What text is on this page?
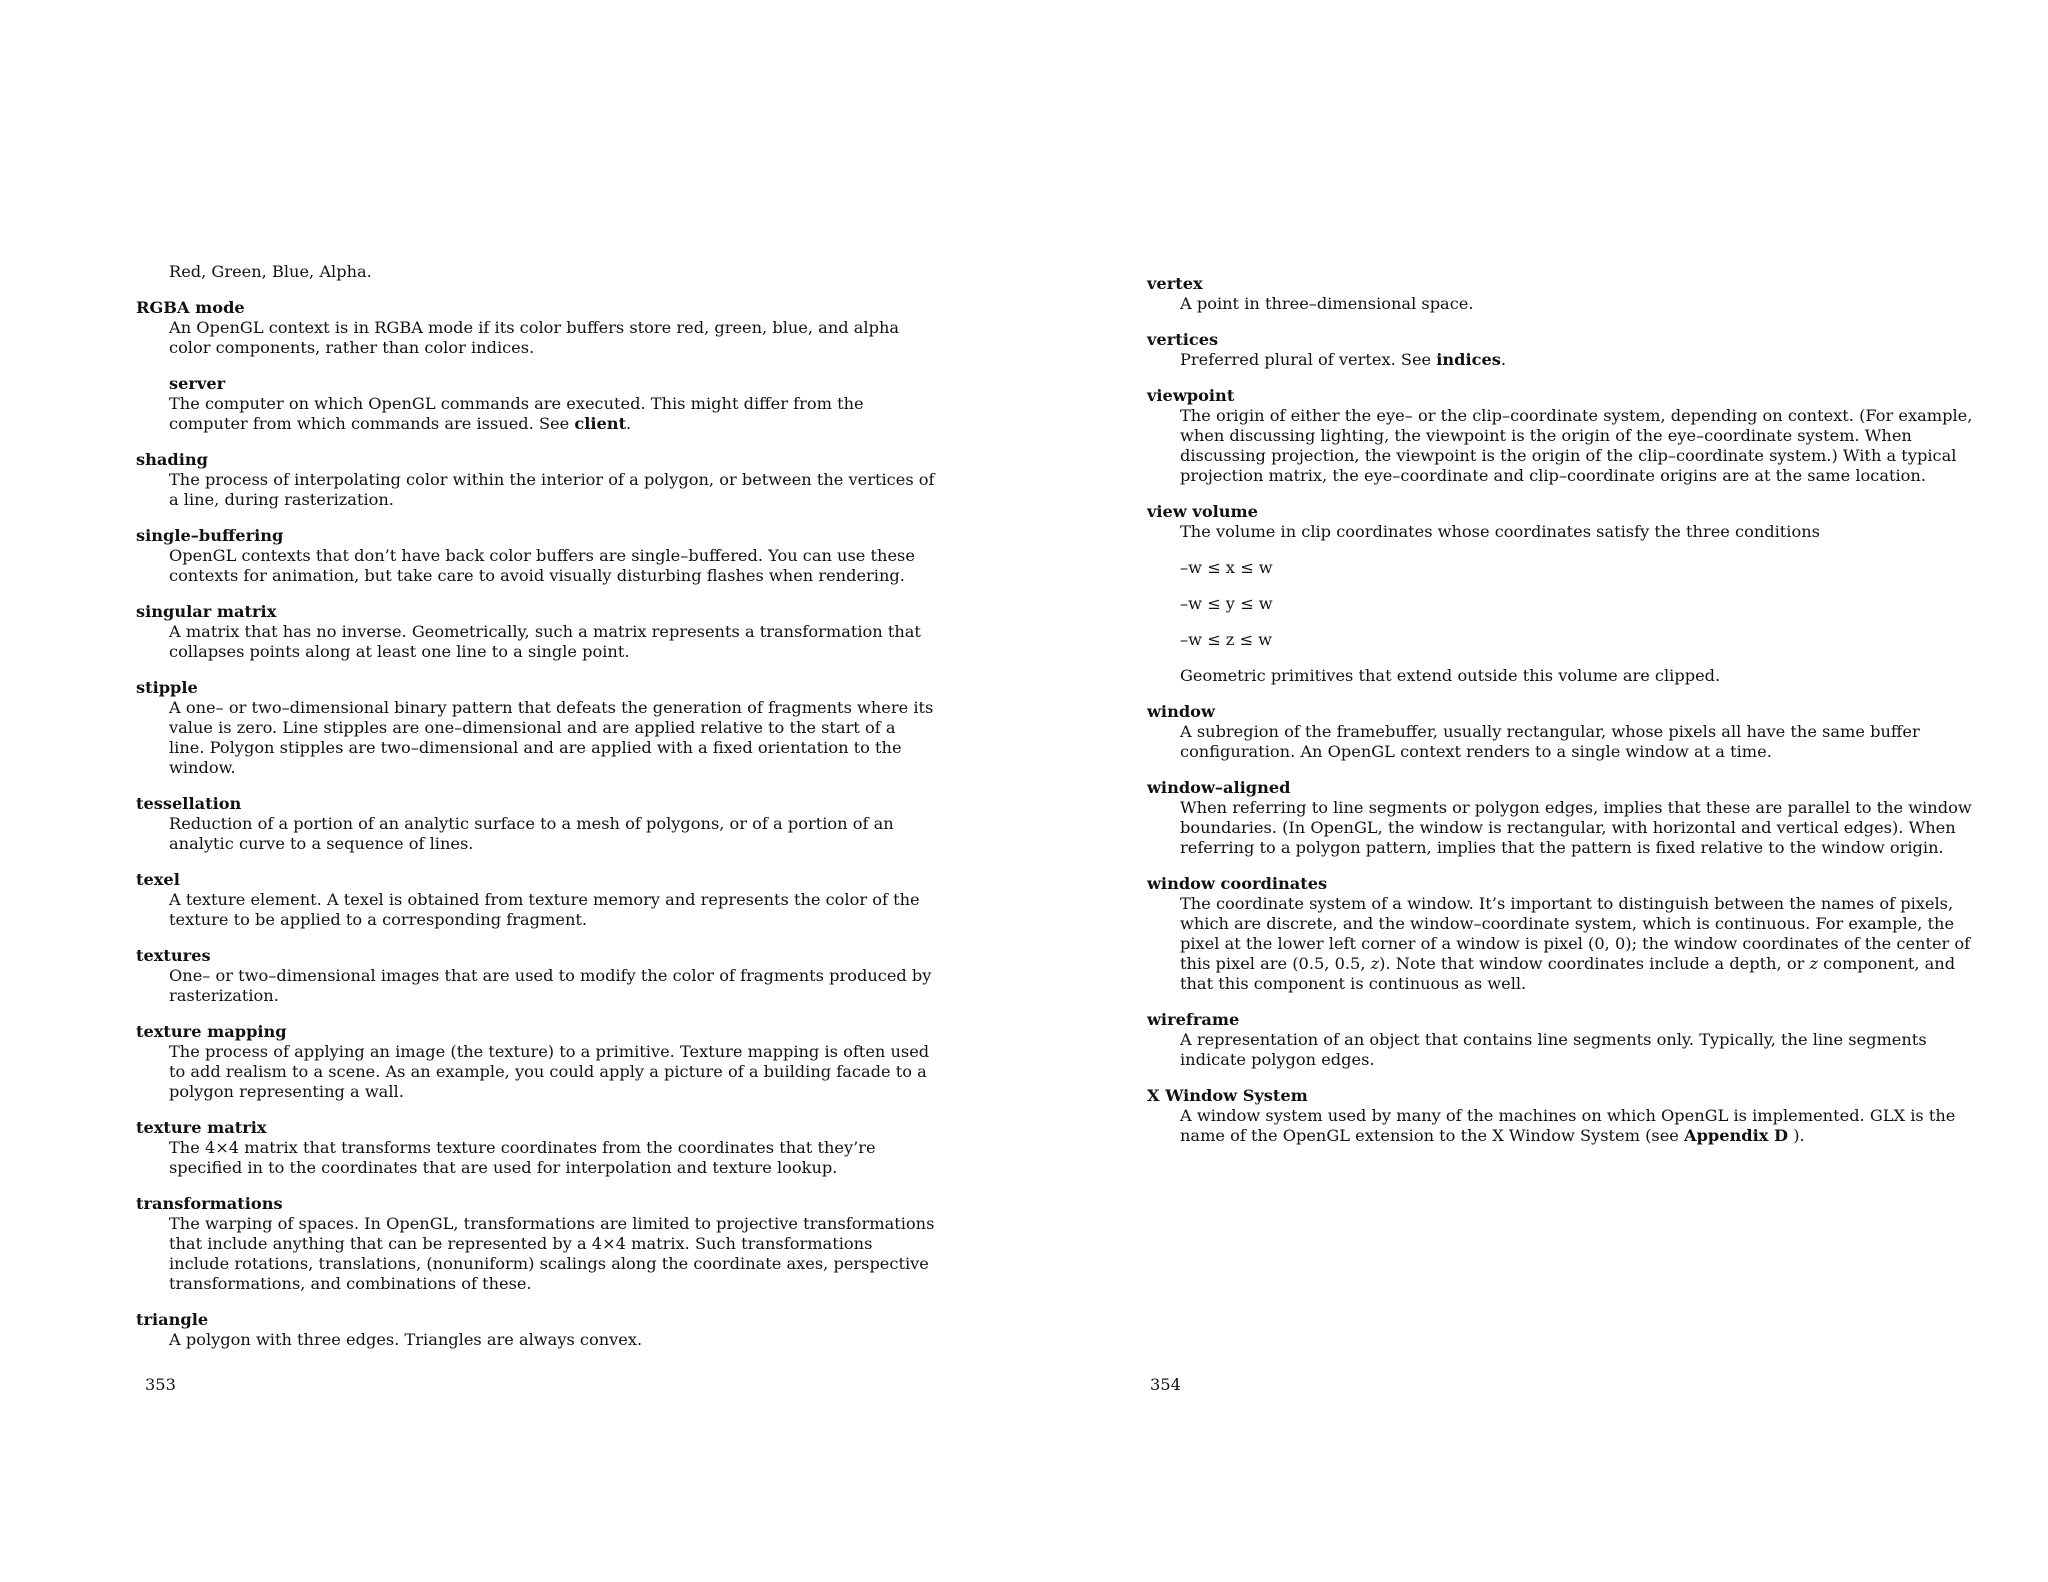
Red, Green, Blue, Alpha.
RGBA mode
An OpenGL context is in RGBA mode if its color buffers store red, green, blue, and alpha color components, rather than color indices.
server
The computer on which OpenGL commands are executed. This might differ from the computer from which commands are issued. See client.
shading
The process of interpolating color within the interior of a polygon, or between the vertices of a line, during rasterization.
single–buffering
OpenGL contexts that don’t have back color buffers are single–buffered. You can use these contexts for animation, but take care to avoid visually disturbing flashes when rendering.
singular matrix
A matrix that has no inverse. Geometrically, such a matrix represents a transformation that collapses points along at least one line to a single point.
stipple
A one– or two–dimensional binary pattern that defeats the generation of fragments where its value is zero. Line stipples are one–dimensional and are applied relative to the start of a line. Polygon stipples are two–dimensional and are applied with a fixed orientation to the window.
tessellation
Reduction of a portion of an analytic surface to a mesh of polygons, or of a portion of an analytic curve to a sequence of lines.
texel
A texture element. A texel is obtained from texture memory and represents the color of the texture to be applied to a corresponding fragment.
textures
One– or two–dimensional images that are used to modify the color of fragments produced by rasterization.
texture mapping
The process of applying an image (the texture) to a primitive. Texture mapping is often used to add realism to a scene. As an example, you could apply a picture of a building facade to a polygon representing a wall.
texture matrix
The 4×4 matrix that transforms texture coordinates from the coordinates that they’re specified in to the coordinates that are used for interpolation and texture lookup.
transformations
The warping of spaces. In OpenGL, transformations are limited to projective transformations that include anything that can be represented by a 4×4 matrix. Such transformations include rotations, translations, (nonuniform) scalings along the coordinate axes, perspective transformations, and combinations of these.
triangle
A polygon with three edges. Triangles are always convex.
353
vertex
A point in three–dimensional space.
vertices
Preferred plural of vertex. See indices.
viewpoint
The origin of either the eye– or the clip–coordinate system, depending on context. (For example, when discussing lighting, the viewpoint is the origin of the eye–coordinate system. When discussing projection, the viewpoint is the origin of the clip–coordinate system.) With a typical projection matrix, the eye–coordinate and clip–coordinate origins are at the same location.
view volume
The volume in clip coordinates whose coordinates satisfy the three conditions
–w ≤ x ≤ w
–w ≤ y ≤ w
–w ≤ z ≤ w
Geometric primitives that extend outside this volume are clipped.
window
A subregion of the framebuffer, usually rectangular, whose pixels all have the same buffer configuration. An OpenGL context renders to a single window at a time.
window–aligned
When referring to line segments or polygon edges, implies that these are parallel to the window boundaries. (In OpenGL, the window is rectangular, with horizontal and vertical edges). When referring to a polygon pattern, implies that the pattern is fixed relative to the window origin.
window coordinates
The coordinate system of a window. It’s important to distinguish between the names of pixels, which are discrete, and the window–coordinate system, which is continuous. For example, the pixel at the lower left corner of a window is pixel (0, 0); the window coordinates of the center of this pixel are (0.5, 0.5, z). Note that window coordinates include a depth, or z component, and that this component is continuous as well.
wireframe
A representation of an object that contains line segments only. Typically, the line segments indicate polygon edges.
X Window System
A window system used by many of the machines on which OpenGL is implemented. GLX is the name of the OpenGL extension to the X Window System (see Appendix D ).
354
